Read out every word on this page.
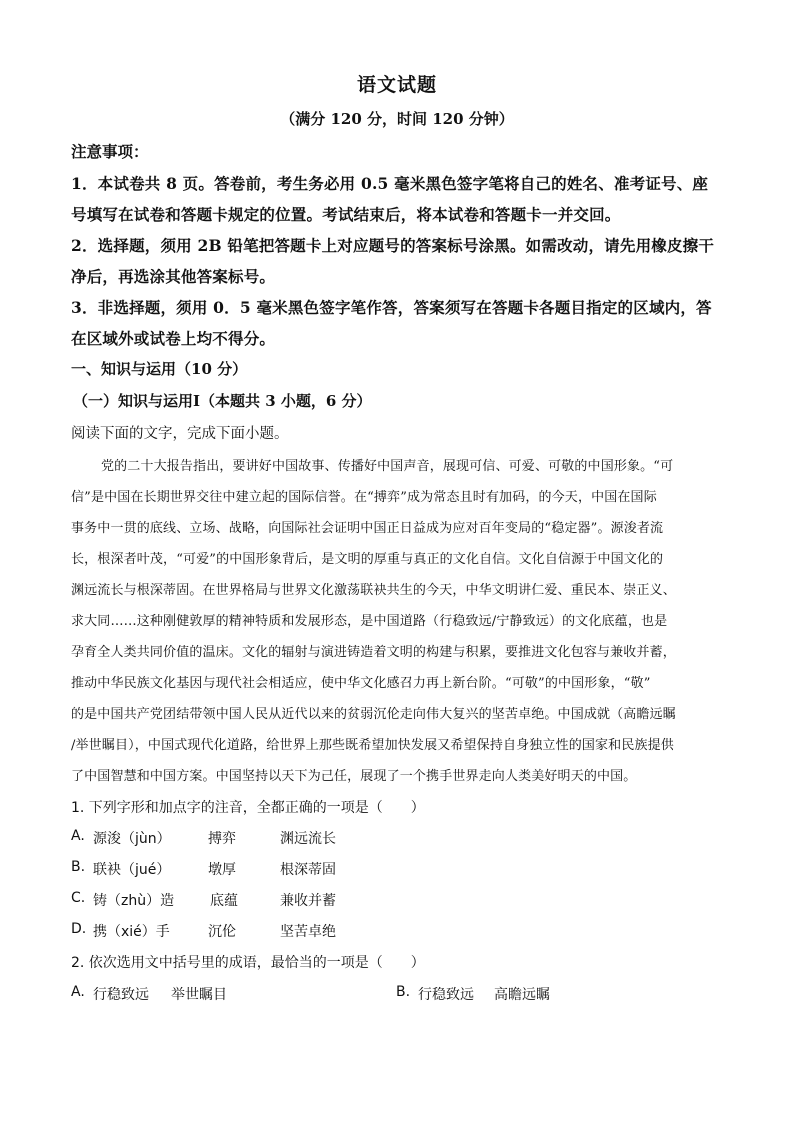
语文试题
（满分 120 分，时间 120 分钟）
注意事项：
1．本试卷共 8 页。答卷前，考生务必用 0.5 毫米黑色签字笔将自己的姓名、准考证号、座
号填写在试卷和答题卡规定的位置。考试结束后，将本试卷和答题卡一并交回。
2．选择题，须用 2B 铅笔把答题卡上对应题号的答案标号涂黑。如需改动，请先用橡皮擦干
净后，再选涂其他答案标号。
3．非选择题，须用 0．5 毫米黑色签字笔作答，答案须写在答题卡各题目指定的区域内，答
在区域外或试卷上均不得分。
一、知识与运用（10 分）
（一）知识与运用Ⅰ（本题共 3 小题，6 分）
阅读下面的文字，完成下面小题。
党的二十大报告指出，要讲好中国故事、传播好中国声音，展现可信、可爱、可敬的中国形象。“可
信”是中国在长期世界交往中建立起的国际信誉。在“搏弈”成为常态且时有加码，的今天，中国在国际
事务中一贯的底线、立场、战略，向国际社会证明中国正日益成为应对百年变局的“稳定器”。源浚者流
长，根深者叶茂，“可爱”的中国形象背后，是文明的厚重与真正的文化自信。文化自信源于中国文化的
渊远流长与根深蒂固。在世界格局与世界文化激荡联袂共生的今天，中华文明讲仁爱、重民本、崇正义、
求大同……这种刚健敦厚的精神特质和发展形态，是中国道路（行稳致远/宁静致远）的文化底蕴，也是
孕育全人类共同价值的温床。文化的辐射与演进铸造着文明的构建与积累，要推进文化包容与兼收并蓄，
推动中华民族文化基因与现代社会相适应，使中华文化感召力再上新台阶。“可敬”的中国形象，“敬”
的是中国共产党团结带领中国人民从近代以来的贫弱沉伦走向伟大复兴的坚苦卓绝。中国成就（高瞻远瞩
/举世瞩目），中国式现代化道路，给世界上那些既希望加快发展又希望保持自身独立性的国家和民族提供
了中国智慧和中国方案。中国坚持以天下为己任，展现了一个携手世界走向人类美好明天的中国。
1. 下列字形和加点字的注音，全都正确的一项是（　　）
A. 源浚（jùn）	搏弈	渊远流长
B. 联袂（jué）	墩厚	根深蒂固
C. 铸（zhù）造	底蕴	兼收并蓄
D. 携（xié）手	沉伦	坚苦卓绝
2. 依次选用文中括号里的成语，最恰当的一项是（　　）
A. 行稳致远 举世瞩目	B. 行稳致远 高瞻远瞩
